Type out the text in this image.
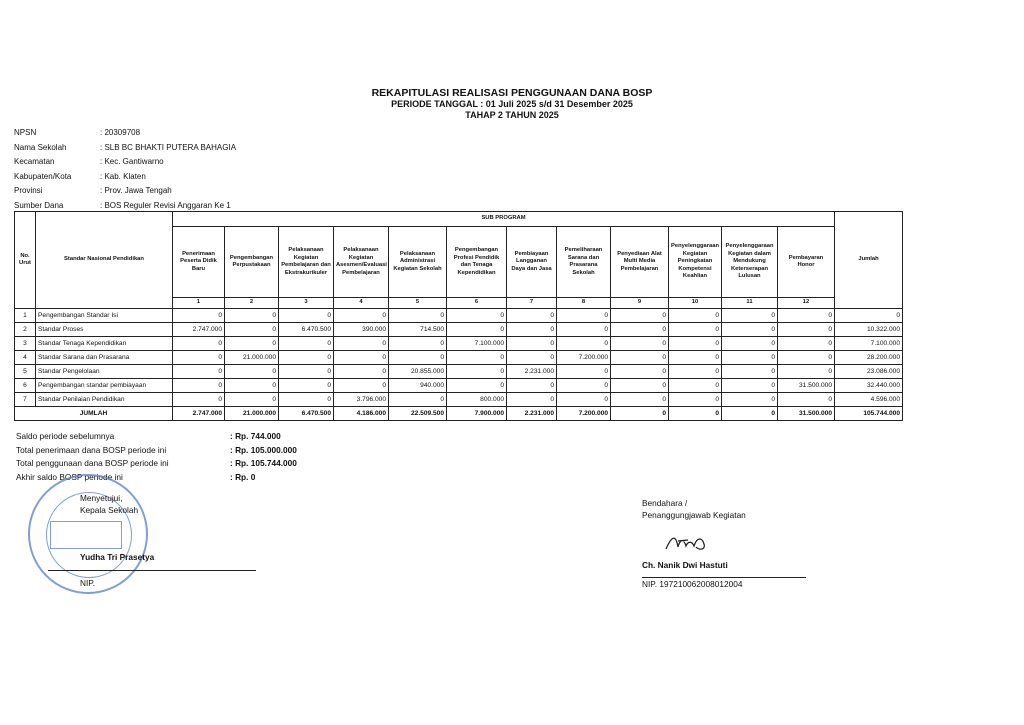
REKAPITULASI REALISASI PENGGUNAAN DANA BOSP
PERIODE TANGGAL : 01 Juli 2025 s/d 31 Desember 2025
TAHAP 2 TAHUN 2025
NPSN	: 20309708
Nama Sekolah	: SLB BC BHAKTI PUTERA BAHAGIA
Kecamatan	: Kec. Gantiwarno
Kabupaten/Kota	: Kab. Klaten
Provinsi	: Prov. Jawa Tengah
Sumber Dana	: BOS Reguler Revisi Anggaran Ke 1
No. Urut	Standar Nasional Pendidikan	SUB PROGRAM												Jumlah
		Penerimaan Peserta Didik Baru	Pengembangan Perpustakaan	Pelaksanaan Kegiatan Pembelajaran dan Ekstrakurikuler	Pelaksanaan Kegiatan Asesmen/Evaluasi Pembelajaran	Pelaksanaan Administrasi Kegiatan Sekolah	Pengembangan Profesi Pendidik dan Tenaga Kependidikan	Pembiayaan Langganan Daya dan Jasa	Pemeliharaan Sarana dan Prasarana Sekolah	Penyediaan Alat Multi Media Pembelajaran	Penyelenggaraan Kegiatan Peningkatan Kompetensi Keahlian	Penyelenggaraan Kegiatan dalam Mendukung Keterserapan Lulusan	Pembayaran Honor	
		1	2	3	4	5	6	7	8	9	10	11	12	
1	Pengembangan Standar Isi	0	0	0	0	0	0	0	0	0	0	0	0	0
2	Standar Proses	2.747.000	0	6.470.500	390.000	714.500	0	0	0	0	0	0	0	10.322.000
3	Standar Tenaga Kependidikan	0	0	0	0	0	7.100.000	0	0	0	0	0	0	7.100.000
4	Standar Sarana dan Prasarana	0	21.000.000	0	0	0	0	0	7.200.000	0	0	0	0	28.200.000
5	Standar Pengelolaan	0	0	0	0	20.855.000	0	2.231.000	0	0	0	0	0	23.086.000
6	Pengembangan standar pembiayaan	0	0	0	0	940.000	0	0	0	0	0	0	31.500.000	32.440.000
7	Standar Penilaian Pendidikan	0	0	0	3.796.000	0	800.000	0	0	0	0	0	0	4.596.000
JUMLAH		2.747.000	21.000.000	6.470.500	4.186.000	22.509.500	7.900.000	2.231.000	7.200.000	0	0	0	31.500.000	105.744.000
Saldo periode sebelumnya	: Rp. 744.000
Total penerimaan dana BOSP periode ini	: Rp. 105.000.000
Total penggunaan dana BOSP periode ini	: Rp. 105.744.000
Akhir saldo BOSP periode ini	: Rp. 0
Menyetujui,
Kepala Sekolah
Yudha Tri Prasetya
NIP.
Bendahara /
Penanggungjawab Kegiatan
Ch. Nanik Dwi Hastuti
NIP. 197210062008012004
